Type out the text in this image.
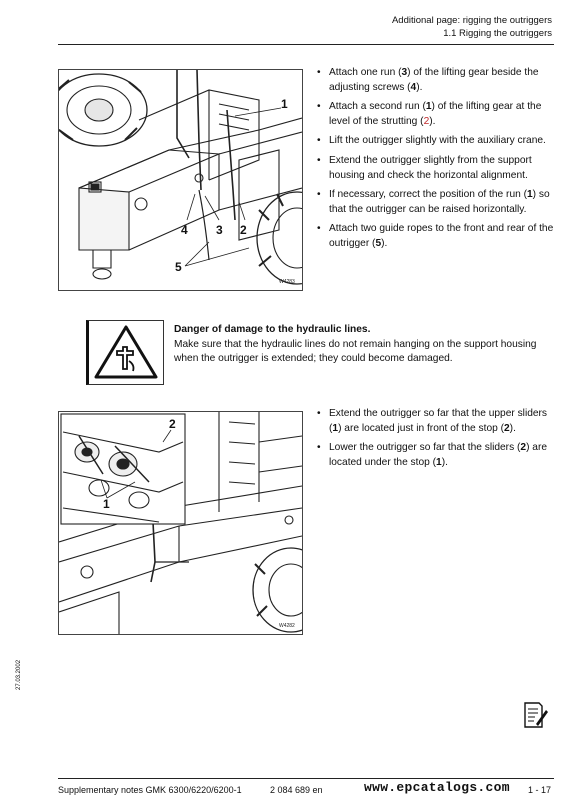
Additional page: rigging the outriggers
1.1 Rigging the outriggers
1
2
3
4
5
W4283
• Attach one run (3) of the lifting gear beside the adjusting screws (4).
• Attach a second run (1) of the lifting gear at the level of the strutting (2).
• Lift the outrigger slightly with the auxiliary crane.
• Extend the outrigger slightly from the support housing and check the horizontal alignment.
• If necessary, correct the position of the run (1) so that the outrigger can be raised horizontally.
• Attach two guide ropes to the front and rear of the outrigger (5).
Danger of damage to the hydraulic lines.
Make sure that the hydraulic lines do not remain hanging on the support housing when the outrigger is extended; they could become damaged.
2
1
W4282
• Extend the outrigger so far that the upper sliders (1) are located just in front of the stop (2).
• Lower the outrigger so far that the sliders (2) are located under the stop (1).
27.03.2002
Supplementary notes GMK 6300/6220/6200-1	2 084 689 en	www.epcatalogs.com 1 - 17
